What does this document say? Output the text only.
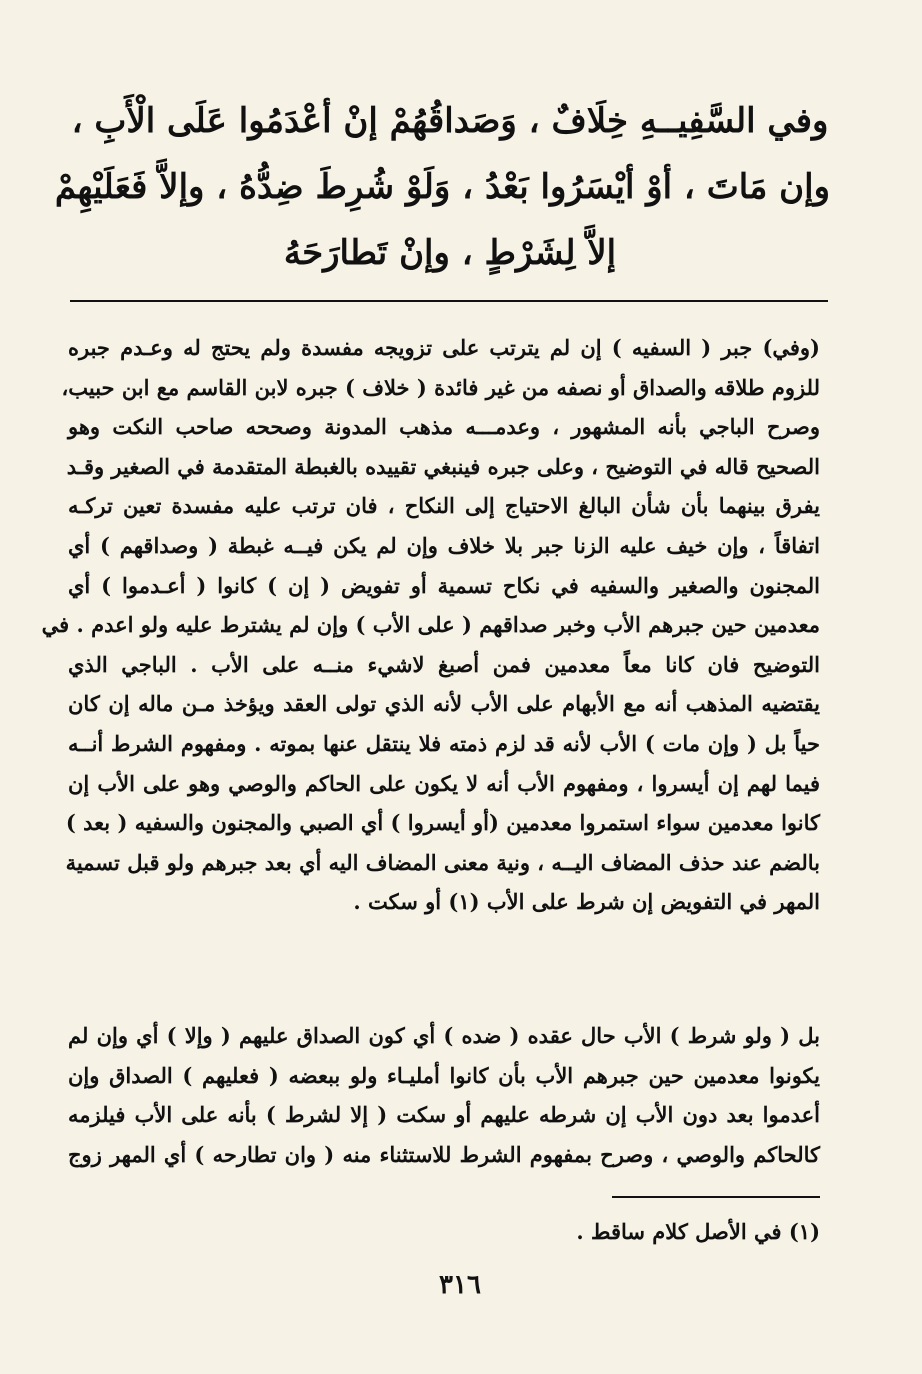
وفي السَّفِيــهِ خِلَافٌ ، وَصَداقُهُمْ إنْ أعْدَمُوا عَلَى الْأَبِ ،
وإن مَاتَ ، أوْ أيْسَرُوا بَعْدُ ، وَلَوْ شُرِطَ ضِدُّهُ ، وإلاَّ فَعَلَيْهِمْ
إلاَّ لِشَرْطٍ ، وإنْ تَطارَحَهُ
(وفي) جبر ( السفيه ) إن لم يترتب على تزويجه مفسدة ولم يحتج له وعـدم جبره
للزوم طلاقه والصداق أو نصفه من غير فائدة ( خلاف ) جبره لابن القاسم مع ابن حبيب،
وصرح الباجي بأنه المشهور ، وعدمـــه مذهب المدونة وصححه صاحب النكت وهو
الصحيح قاله في التوضيح ، وعلى جبره فينبغي تقييده بالغبطة المتقدمة في الصغير وقـد
يفرق بينهما بأن شأن البالغ الاحتياج إلى النكاح ، فان ترتب عليه مفسدة تعين تركـه
اتفاقاً ، وإن خيف عليه الزنا جبر بلا خلاف وإن لم يكن فيــه غبطة ( وصداقهم ) أي
المجنون والصغير والسفيه في نكاح تسمية أو تفويض ( إن ) كانوا ( أعـدموا ) أي
معدمين حين جبرهم الأب وخبر صداقهم ( على الأب ) وإن لم يشترط عليه ولو اعدم . في
التوضيح فان كانا معاً معدمين فمن أصبغ لاشيء منــه على الأب . الباجي الذي
يقتضيه المذهب أنه مع الأبهام على الأب لأنه الذي تولى العقد ويؤخذ مـن ماله إن كان
حياً بل ( وإن مات ) الأب لأنه قد لزم ذمته فلا ينتقل عنها بموته . ومفهوم الشرط أنــه
فيما لهم إن أيسروا ، ومفهوم الأب أنه لا يكون على الحاكم والوصي وهو على الأب إن
كانوا معدمين سواء استمروا معدمين (أو أيسروا ) أي الصبي والمجنون والسفيه ( بعد )
بالضم عند حذف المضاف اليــه ، ونية معنى المضاف اليه أي بعد جبرهم ولو قبل تسمية
المهر في التفويض إن شرط على الأب (١) أو سكت .
بل ( ولو شرط ) الأب حال عقده ( ضده ) أي كون الصداق عليهم ( وإلا ) أي وإن لم
يكونوا معدمين حين جبرهم الأب بأن كانوا أمليـاء ولو ببعضه ( فعليهم ) الصداق وإن
أعدموا بعد دون الأب إن شرطه عليهم أو سكت ( إلا لشرط ) بأنه على الأب فيلزمه
كالحاكم والوصي ، وصرح بمفهوم الشرط للاستثناء منه ( وان تطارحه ) أي المهر زوج
(١) في الأصل كلام ساقط .
٣١٦
